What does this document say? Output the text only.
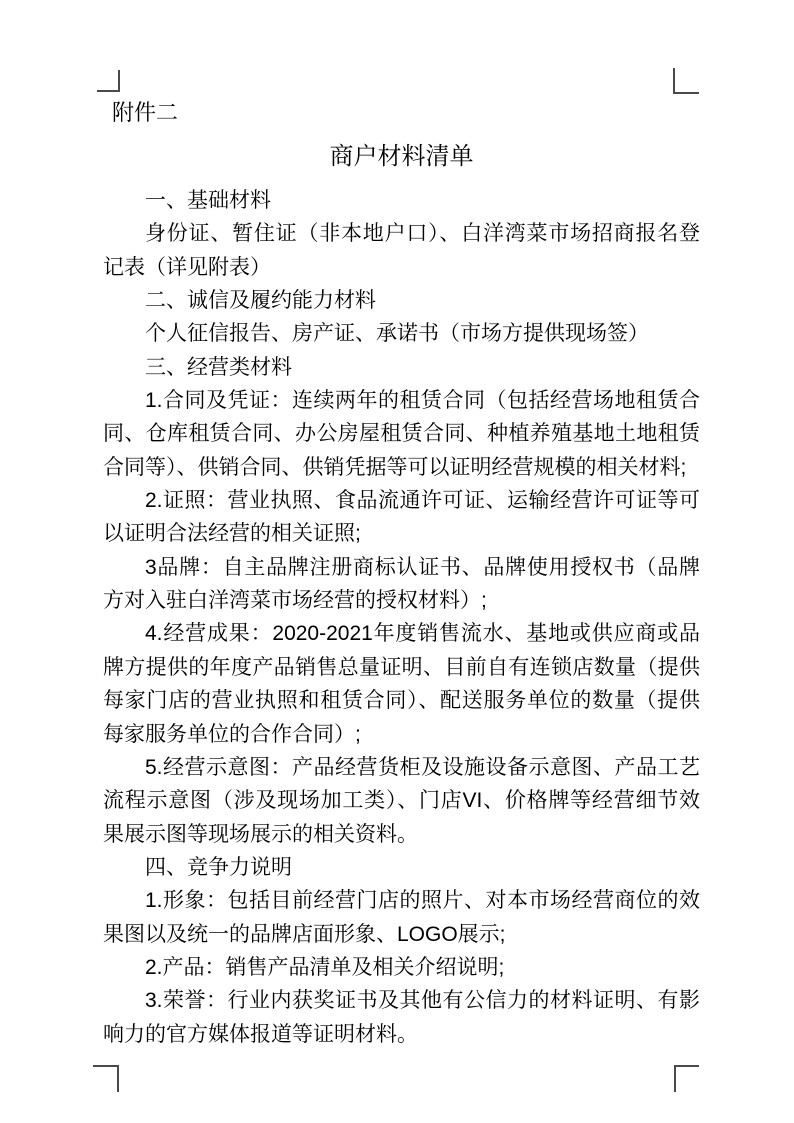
附件二

商户材料清单

一、基础材料

身份证、暂住证（非本地户口）、白洋湾菜市场招商报名登记表（详见附表）

二、诚信及履约能力材料

个人征信报告、房产证、承诺书（市场方提供现场签）

三、经营类材料

1.合同及凭证：连续两年的租赁合同（包括经营场地租赁合同、仓库租赁合同、办公房屋租赁合同、种植养殖基地土地租赁合同等）、供销合同、供销凭据等可以证明经营规模的相关材料;

2.证照：营业执照、食品流通许可证、运输经营许可证等可以证明合法经营的相关证照;

3品牌：自主品牌注册商标认证书、品牌使用授权书（品牌方对入驻白洋湾菜市场经营的授权材料）;

4.经营成果：2020-2021年度销售流水、基地或供应商或品牌方提供的年度产品销售总量证明、目前自有连锁店数量（提供每家门店的营业执照和租赁合同）、配送服务单位的数量（提供每家服务单位的合作合同）;

5.经营示意图：产品经营货柜及设施设备示意图、产品工艺流程示意图（涉及现场加工类）、门店VI、价格牌等经营细节效果展示图等现场展示的相关资料。

四、竞争力说明

1.形象：包括目前经营门店的照片、对本市场经营商位的效果图以及统一的品牌店面形象、LOGO展示;

2.产品：销售产品清单及相关介绍说明;

3.荣誉：行业内获奖证书及其他有公信力的材料证明、有影响力的官方媒体报道等证明材料。
